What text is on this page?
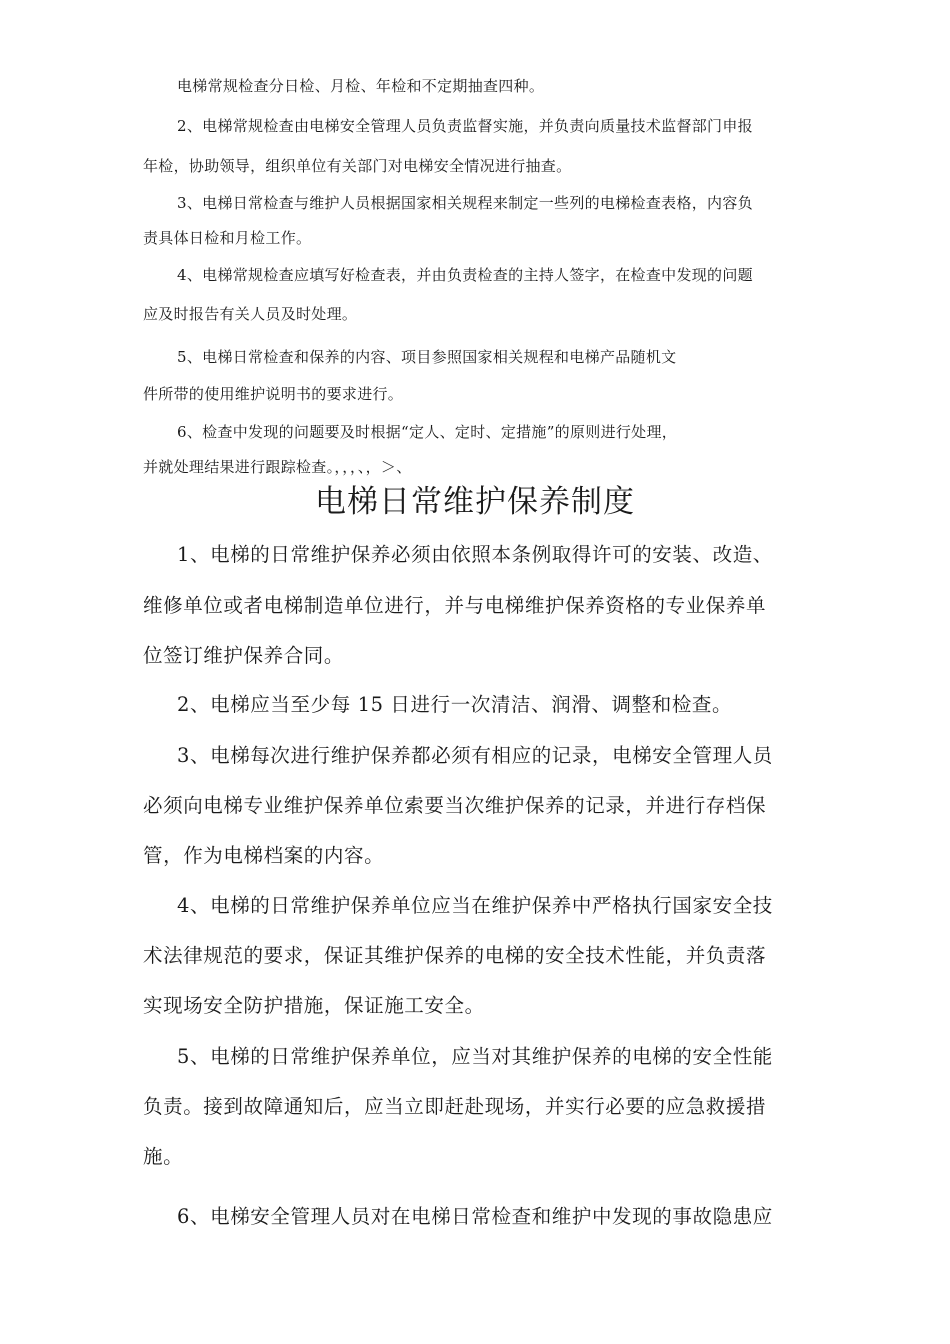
电梯常规检查分日检、月检、年检和不定期抽查四种。

2、电梯常规检查由电梯安全管理人员负责监督实施，并负责向质量技术监督部门申报

年检，协助领导，组织单位有关部门对电梯安全情况进行抽查。

3、电梯日常检查与维护人员根据国家相关规程来制定一些列的电梯检查表格，内容负

责具体日检和月检工作。

4、电梯常规检查应填写好检查表，并由负责检查的主持人签字，在检查中发现的问题

应及时报告有关人员及时处理。

5、电梯日常检查和保养的内容、项目参照国家相关规程和电梯产品随机文

件所带的使用维护说明书的要求进行。

6、检查中发现的问题要及时根据“定人、定时、定措施”的原则进行处理，

并就处理结果进行跟踪检查。，，，、，＞、

电梯日常维护保养制度

1、电梯的日常维护保养必须由依照本条例取得许可的安装、改造、

维修单位或者电梯制造单位进行，并与电梯维护保养资格的专业保养单

位签订维护保养合同。

2、电梯应当至少每 15 日进行一次清洁、润滑、调整和检查。

3、电梯每次进行维护保养都必须有相应的记录，电梯安全管理人员

必须向电梯专业维护保养单位索要当次维护保养的记录，并进行存档保

管，作为电梯档案的内容。

4、电梯的日常维护保养单位应当在维护保养中严格执行国家安全技

术法律规范的要求，保证其维护保养的电梯的安全技术性能，并负责落

实现场安全防护措施，保证施工安全。

5、电梯的日常维护保养单位，应当对其维护保养的电梯的安全性能

负责。接到故障通知后，应当立即赶赴现场，并实行必要的应急救援措

施。

6、电梯安全管理人员对在电梯日常检查和维护中发现的事故隐患应
